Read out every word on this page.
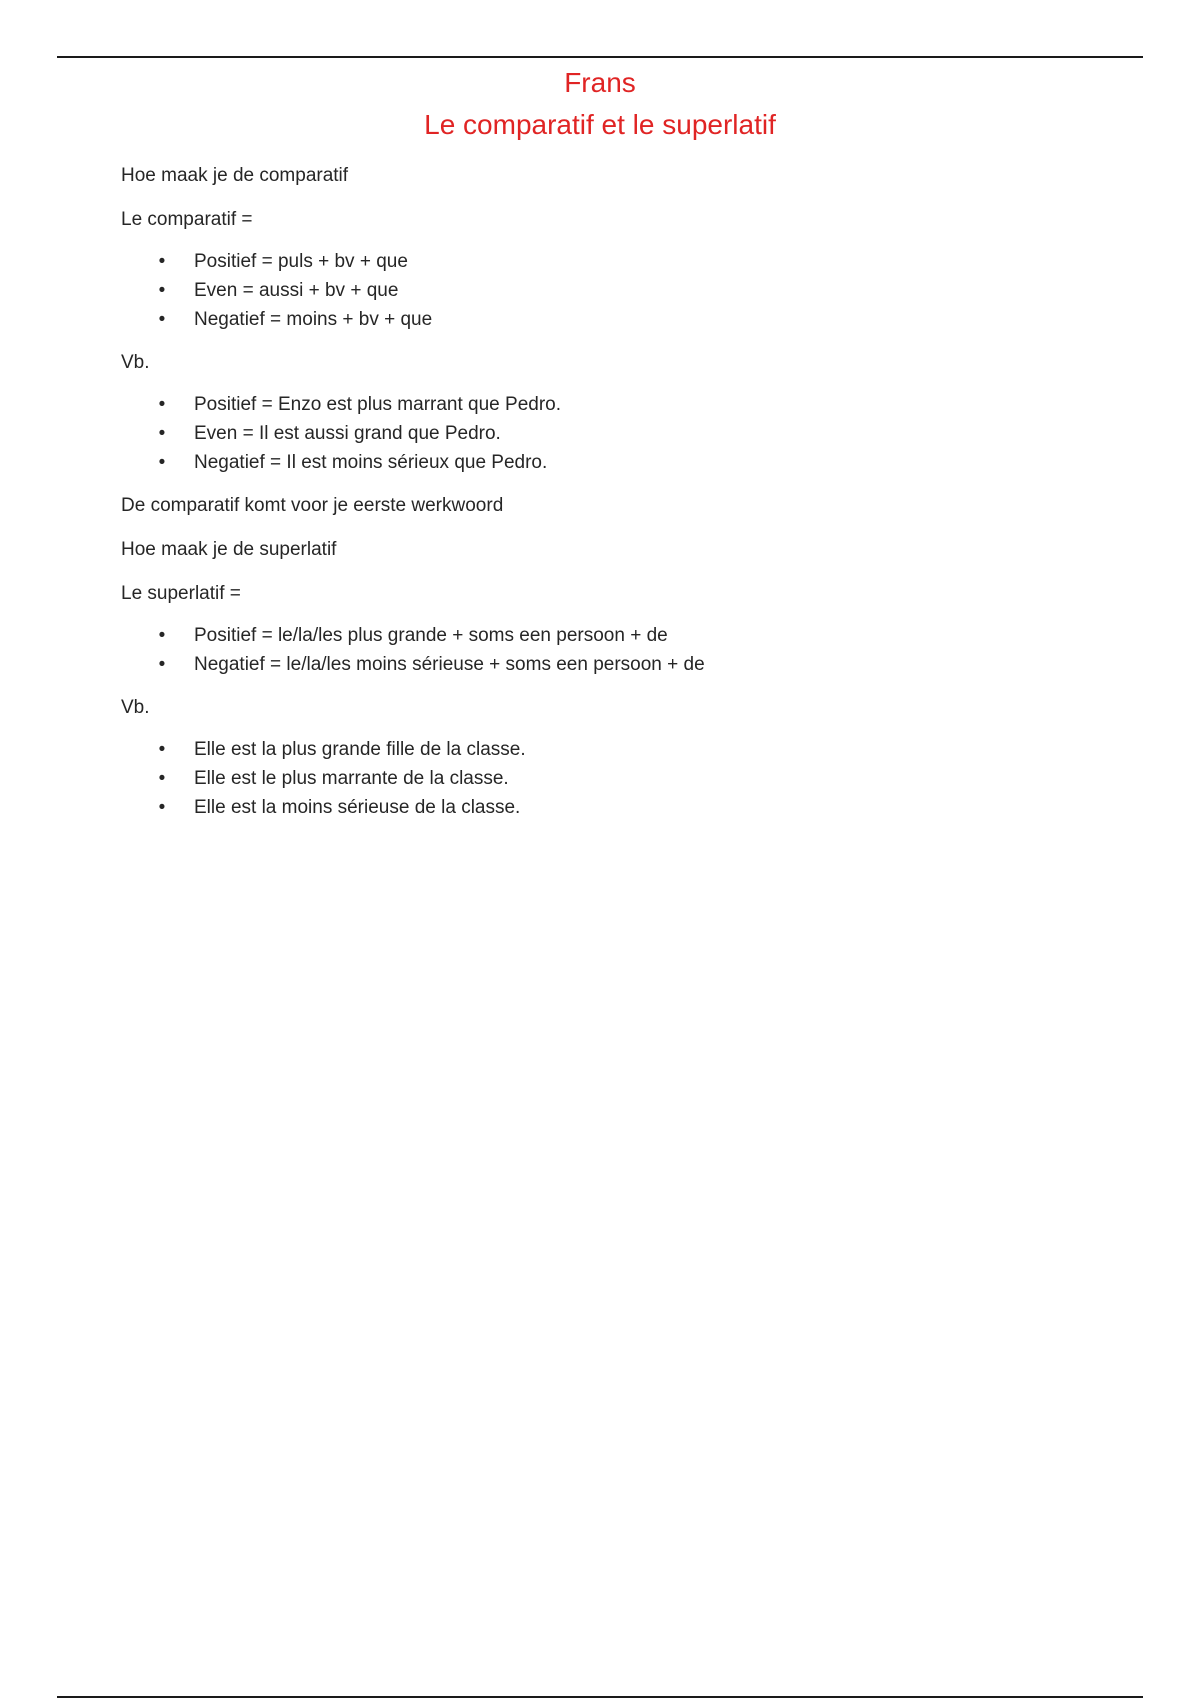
Frans

Le comparatif et le superlatif

Hoe maak je de comparatif

Le comparatif =

• Positief = puls + bv + que
• Even = aussi + bv + que
• Negatief = moins + bv + que

Vb.

• Positief = Enzo est plus marrant que Pedro.
• Even = Il est aussi grand que Pedro.
• Negatief = Il est moins sérieux que Pedro.

De comparatif komt voor je eerste werkwoord

Hoe maak je de superlatif

Le superlatif =

• Positief = le/la/les plus grande + soms een persoon + de
• Negatief = le/la/les moins sérieuse + soms een persoon + de

Vb.

• Elle est la plus grande fille de la classe.
• Elle est le plus marrante de la classe.
• Elle est la moins sérieuse de la classe.
